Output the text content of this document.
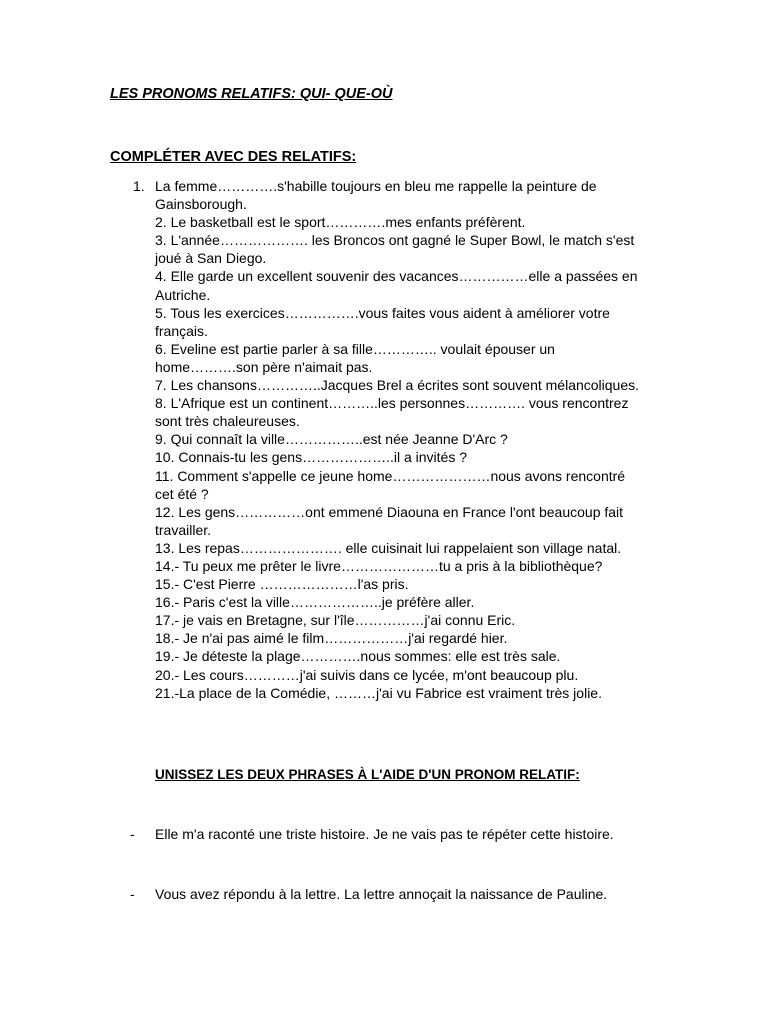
LES PRONOMS RELATIFS: QUI- QUE-OÙ
COMPLÉTER AVEC DES RELATIFS:
1. La femme………….s'habille toujours en bleu me rappelle la peinture de

Gainsborough.

2. Le basketball est le sport………….mes enfants préfèrent.

3. L'année………………. les Broncos ont gagné le Super Bowl, le match s'est

joué à San Diego.

4. Elle garde un excellent souvenir des vacances……………elle a passées en

Autriche.

5. Tous les exercices…………….vous faites vous aident à améliorer votre

français.

6. Eveline est partie parler à sa fille………….. voulait épouser un

home……….son père n'aimait pas.

7. Les chansons…………..Jacques Brel a écrites sont souvent mélancoliques.

8. L'Afrique est un continent………..les personnes…………. vous rencontrez

sont très chaleureuses.

9. Qui connaît la ville……………..est née Jeanne D'Arc ?

10. Connais-tu les gens………………..il a invités ?

11. Comment s'appelle ce jeune home…………………nous avons rencontré

cet été ?

12. Les gens……………ont emmené Diaouna en France l'ont beaucoup fait

travailler.

13. Les repas…………………. elle cuisinait lui rappelaient son village natal.

14.- Tu peux me prêter le livre…………………tu a pris à la bibliothèque?

15.- C'est Pierre …………………l'as pris.

16.- Paris c'est la ville………………..je préfère aller.

17.- je vais en Bretagne, sur l'île……………j'ai connu Eric.

18.- Je n'ai pas aimé le film………………j'ai regardé hier.

19.- Je déteste la plage………….nous sommes: elle est très sale.

20.- Les cours…………j'ai suivis dans ce lycée, m'ont beaucoup plu.

21.-La place de la Comédie, ………j'ai vu Fabrice est vraiment très jolie.

UNISSEZ LES DEUX PHRASES À L'AIDE D'UN PRONOM RELATIF:
- Elle m'a raconté une triste histoire. Je ne vais pas te répéter cette histoire.
- Vous avez répondu à la lettre. La lettre annoçait la naissance de Pauline.
